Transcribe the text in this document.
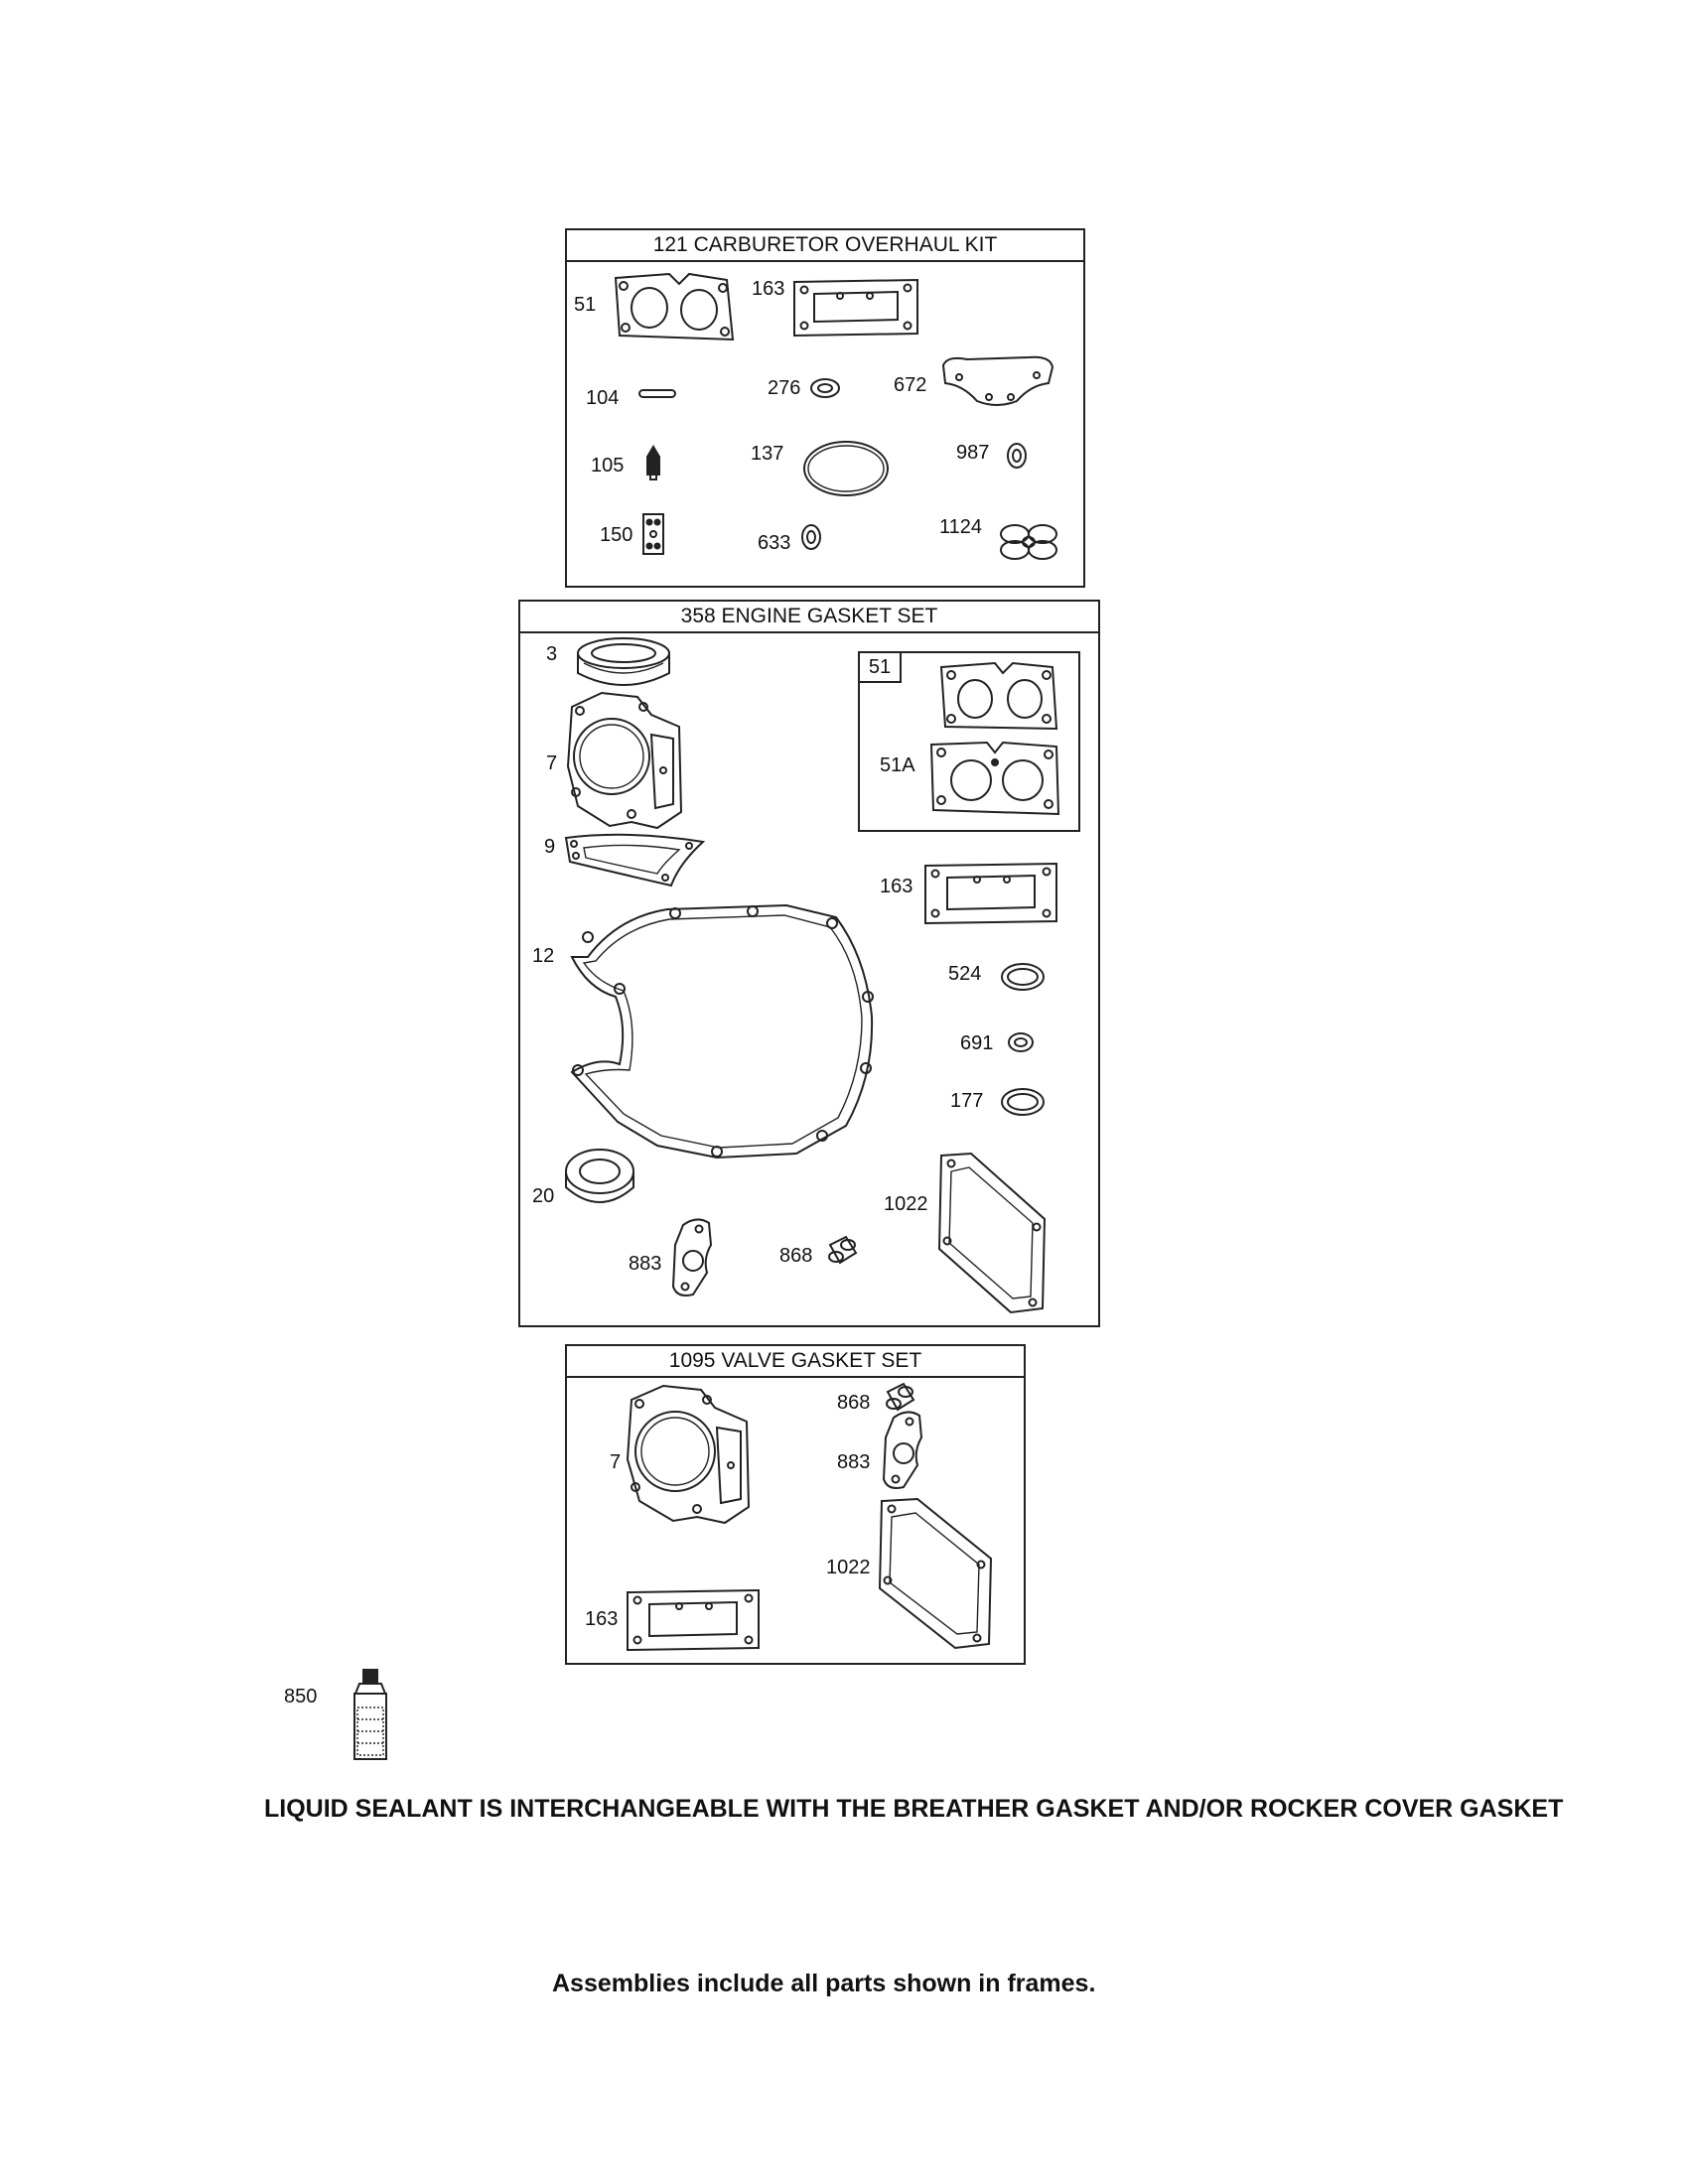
121 CARBURETOR OVERHAUL KIT
51
163
104	276	672
105
137	987
150	633
1124
358 ENGINE GASKET SET
51
3
7
9
12
20
883	868
51A
163
524
691
177
1022
1095 VALVE GASKET SET
7
868
883
1022
163
850
LIQUID SEALANT IS INTERCHANGEABLE WITH THE BREATHER GASKET AND/OR ROCKER COVER GASKET
Assemblies include all parts shown in frames.
